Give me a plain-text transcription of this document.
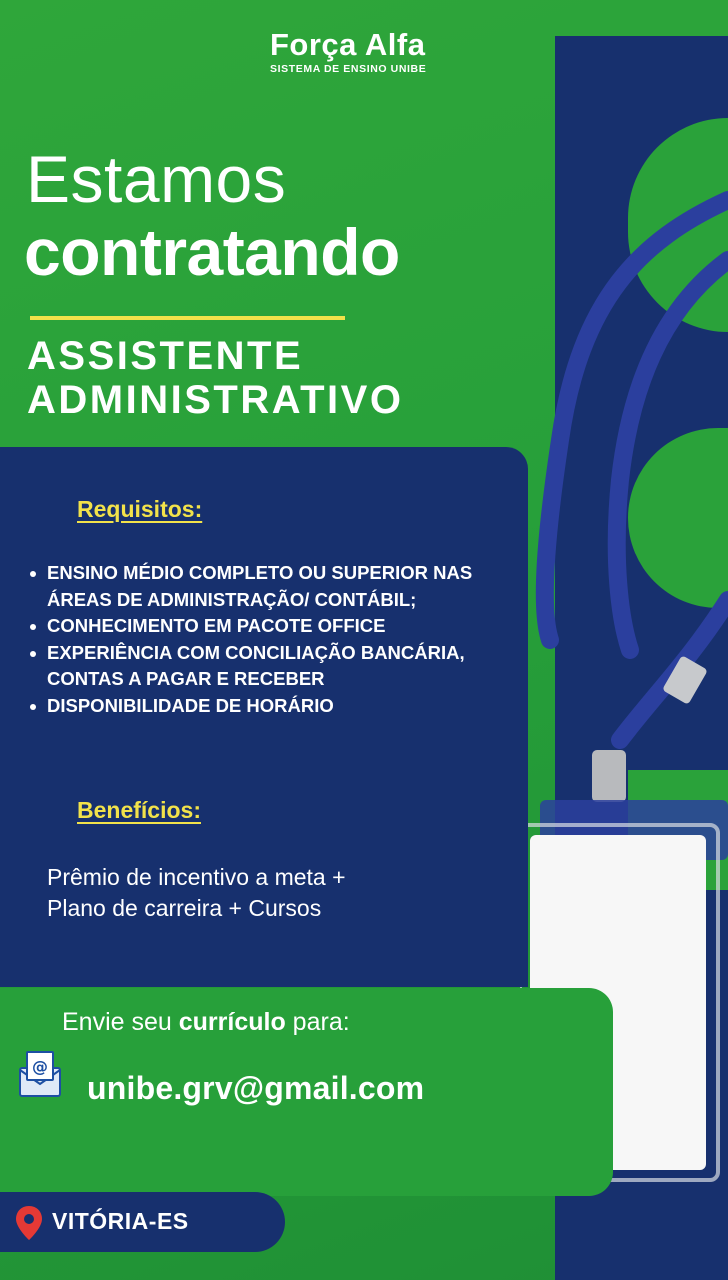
Força Alfa
SISTEMA DE ENSINO UNIBE
Estamos
contratando
ASSISTENTE
ADMINISTRATIVO
Requisitos:
ENSINO MÉDIO COMPLETO OU SUPERIOR NAS ÁREAS DE ADMINISTRAÇÃO/ CONTÁBIL;
CONHECIMENTO EM PACOTE OFFICE
EXPERIÊNCIA COM CONCILIAÇÃO BANCÁRIA, CONTAS A PAGAR E RECEBER
DISPONIBILIDADE DE HORÁRIO
Benefícios:
Prêmio de incentivo a meta +
Plano de carreira + Cursos
Envie seu currículo para:
@
unibe.grv@gmail.com
VITÓRIA-ES
